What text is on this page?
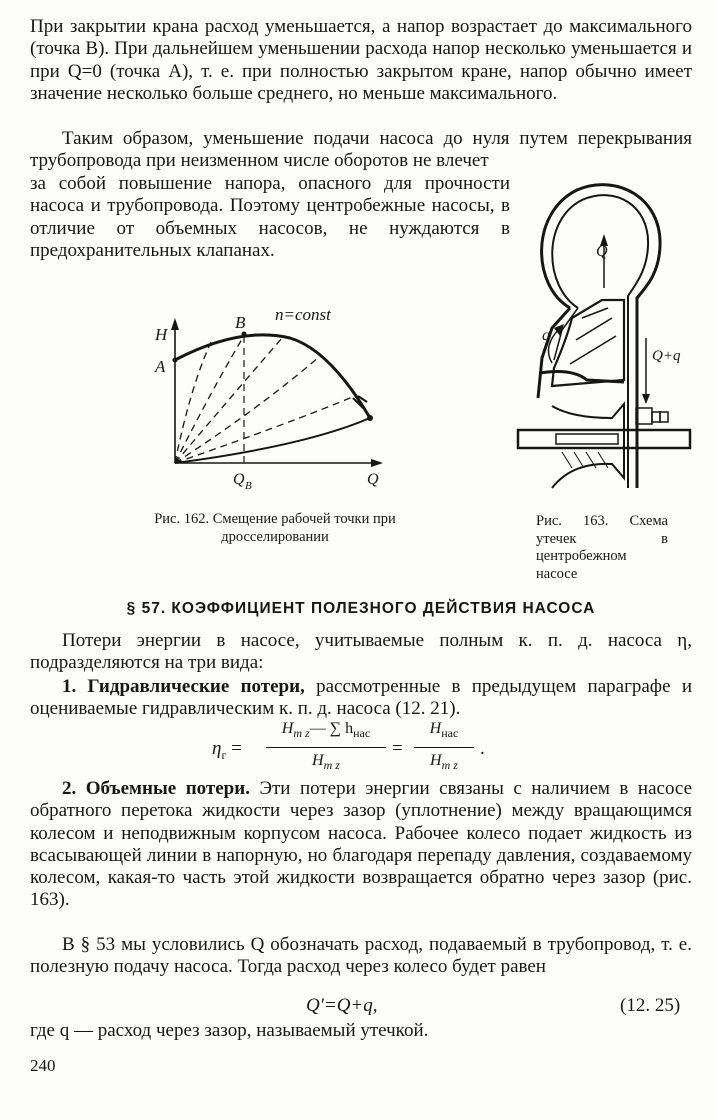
При закрытии крана расход уменьшается, а напор возрастает до максимального (точка B). При дальнейшем уменьшении расхода напор несколько уменьшается и при Q=0 (точка A), т. е. при полностью закрытом кране, напор обычно имеет значение несколько больше среднего, но меньше максимального.

Таким образом, уменьшение подачи насоса до нуля путем перекрывания трубопровода при неизменном числе оборотов не влечет

за собой повышение напора, опасного для прочности насоса и трубопровода. Поэтому центробежные насосы, в отличие от объемных насосов, не нуждаются в предохранительных клапанах.

H
A
B n=const
Q B	Q
Рис. 162. Смещение рабочей точки при дросселировании
Q
q
Q+q
Рис. 163. Схема утечек в центробежном насосе
§ 57. КОЭФФИЦИЕНТ ПОЛЕЗНОГО ДЕЙСТВИЯ НАСОСА

Потери энергии в насосе, учитываемые полным к. п. д. насоса η, подразделяются на три вида:

1. Гидравлические потери, рассмотренные в предыдущем параграфе и оцениваемые гидравлическим к. п. д. насоса (12. 21).

$\eta_г$ =
$H_{т z}—$ ∑ $h_{нас}$
$H_{т z}$
=
$H_{нас}$
$H_{т z}$
.

2. Объемные потери. Эти потери энергии связаны с наличием в насосе обратного перетока жидкости через зазор (уплотнение) между вращающимся колесом и неподвижным корпусом насоса. Рабочее колесо подает жидкость из всасывающей линии в напорную, но благодаря перепаду давления, создаваемому колесом, какая-то часть этой жидкости возвращается обратно через зазор (рис. 163).

В § 53 мы условились Q обозначать расход, подаваемый в трубопровод, т. е. полезную подачу насоса. Тогда расход через колесо будет равен

Q′=Q+q,	(12. 25)

где q — расход через зазор, называемый утечкой.

240
